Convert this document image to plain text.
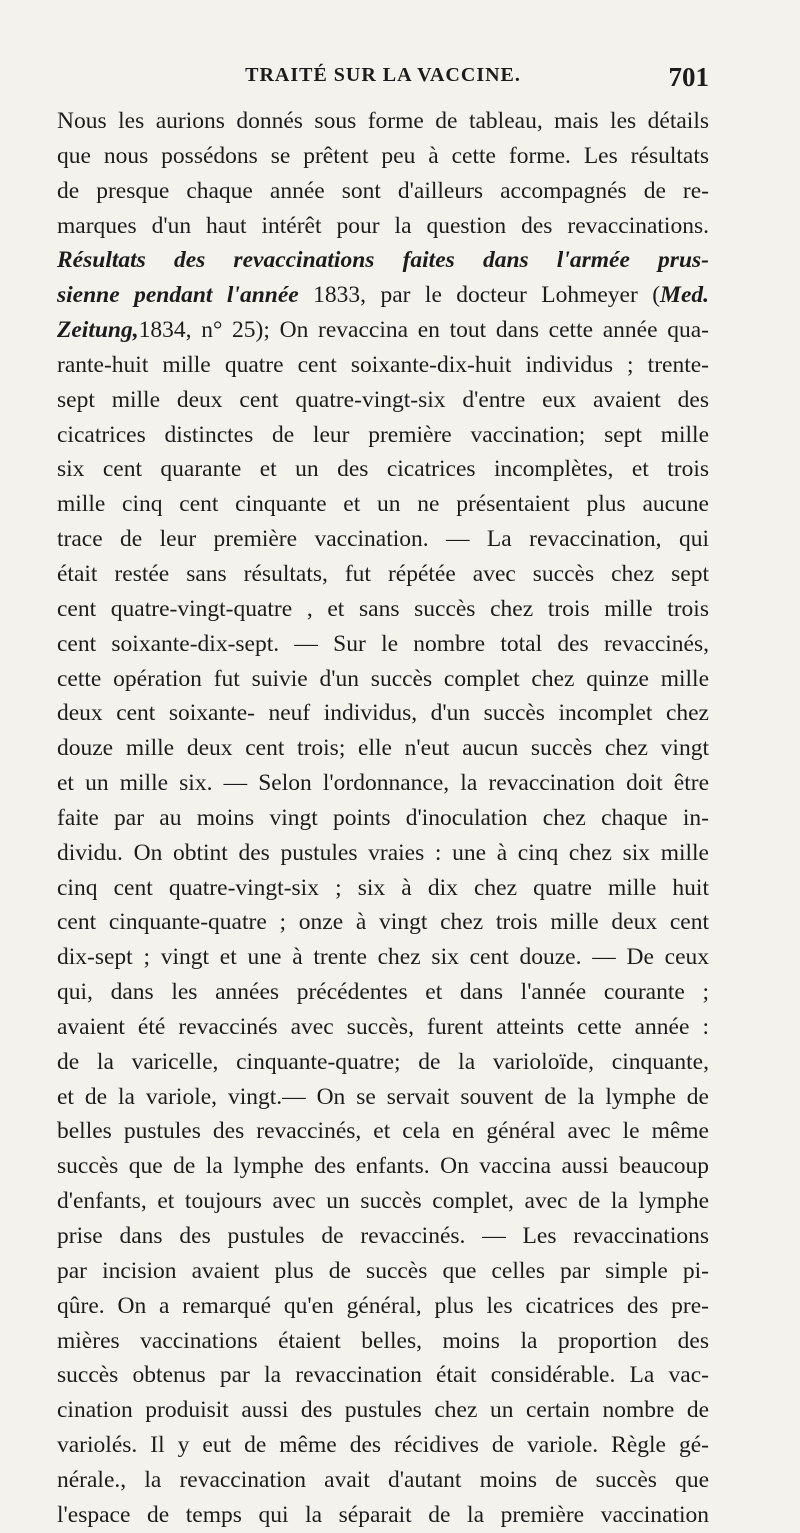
TRAITÉ SUR LA VACCINE.	701
Nous les aurions donnés sous forme de tableau, mais les détails
que nous possédons se prêtent peu à cette forme. Les résultats
de presque chaque année sont d'ailleurs accompagnés de re-
marques d'un haut intérêt pour la question des revaccinations.
Résultats des revaccinations faites dans l'armée prus-
sienne pendant l'année 1833, par le docteur Lohmeyer (Med.
Zeitung,1834, n° 25); On revaccina en tout dans cette année qua-
rante-huit mille quatre cent soixante-dix-huit individus ; trente-
sept mille deux cent quatre-vingt-six d'entre eux avaient des
cicatrices distinctes de leur première vaccination; sept mille
six cent quarante et un des cicatrices incomplètes, et trois
mille cinq cent cinquante et un ne présentaient plus aucune
trace de leur première vaccination. — La revaccination, qui
était restée sans résultats, fut répétée avec succès chez sept
cent quatre-vingt-quatre , et sans succès chez trois mille trois
cent soixante-dix-sept. — Sur le nombre total des revaccinés,
cette opération fut suivie d'un succès complet chez quinze mille
deux cent soixante- neuf individus, d'un succès incomplet chez
douze mille deux cent trois; elle n'eut aucun succès chez vingt
et un mille six. — Selon l'ordonnance, la revaccination doit être
faite par au moins vingt points d'inoculation chez chaque in-
dividu. On obtint des pustules vraies : une à cinq chez six mille
cinq cent quatre-vingt-six ; six à dix chez quatre mille huit
cent cinquante-quatre ; onze à vingt chez trois mille deux cent
dix-sept ; vingt et une à trente chez six cent douze. — De ceux
qui, dans les années précédentes et dans l'année courante ;
avaient été revaccinés avec succès, furent atteints cette année :
de la varicelle, cinquante-quatre; de la varioloïde, cinquante,
et de la variole, vingt.— On se servait souvent de la lymphe de
belles pustules des revaccinés, et cela en général avec le même
succès que de la lymphe des enfants. On vaccina aussi beaucoup
d'enfants, et toujours avec un succès complet, avec de la lymphe
prise dans des pustules de revaccinés. — Les revaccinations
par incision avaient plus de succès que celles par simple pi-
qûre. On a remarqué qu'en général, plus les cicatrices des pre-
mières vaccinations étaient belles, moins la proportion des
succès obtenus par la revaccination était considérable. La vac-
cination produisit aussi des pustules chez un certain nombre de
variolés. Il y eut de même des récidives de variole. Règle gé-
nérale., la revaccination avait d'autant moins de succès que
l'espace de temps qui la séparait de la première vaccination
